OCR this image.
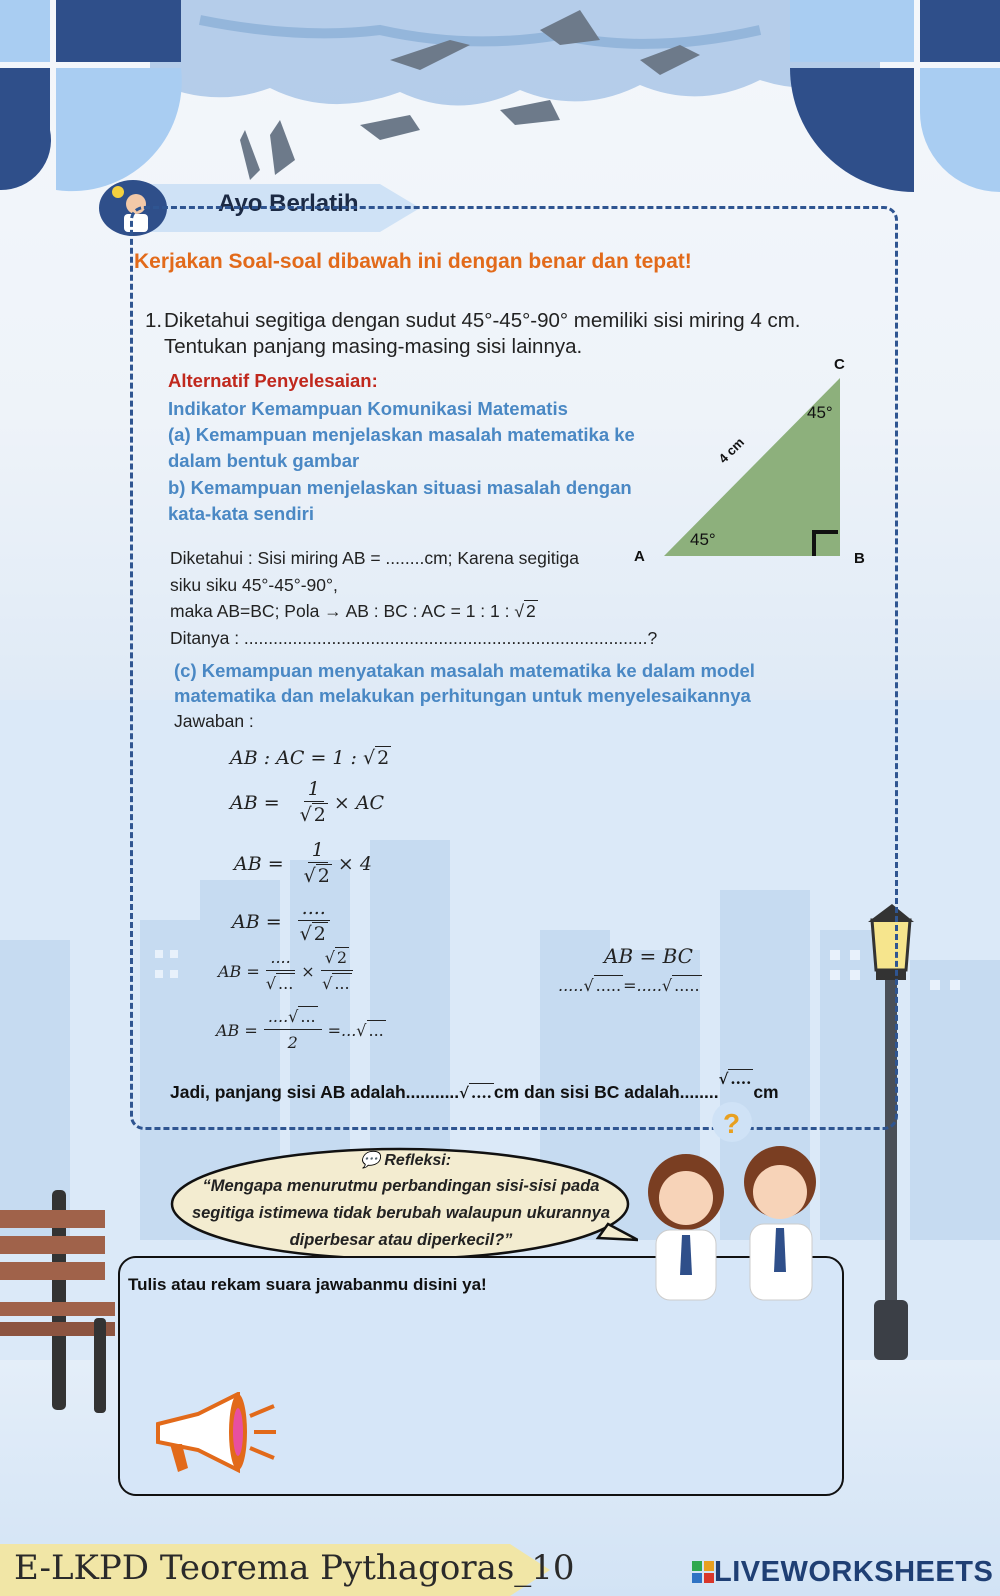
Ayo Berlatih
Kerjakan Soal-soal dibawah ini dengan benar dan tepat!
1. Diketahui segitiga dengan sudut 45°-45°-90° memiliki sisi miring 4 cm.
Tentukan panjang masing-masing sisi lainnya.
Alternatif Penyelesaian:
Indikator Kemampuan Komunikasi Matematis
(a) Kemampuan menjelaskan masalah matematika ke
dalam bentuk gambar
b) Kemampuan menjelaskan situasi masalah dengan
kata-kata sendiri
A	B
C
45°
45°
4 cm
Diketahui : Sisi miring AB = ........cm; Karena segitiga
siku siku 45°-45°-90°,
maka AB=BC; Pola → AB : BC : AC = 1 : 1 : √ 2
Ditanya : ...................................................................................?
(c) Kemampuan menyatakan masalah matematika ke dalam model
matematika dan melakukan perhitungan untuk menyelesaikannya
Jawaban :
AB : AC = 1 : √ 2
AB = $\frac{1}{√ 2}$ × AC
AB = $\frac{1}{√ 2} \times 4$
AB = $\frac{....}{√ 2}$
AB = $\frac{....}{√ ...} \times \frac{√ 2}{√ ...}$
AB = $\frac{....√ ...}{2}$ =... √ ...
AB = BC
.....√ ..... =.....√ .....
Jadi, panjang sisi AB adalah...........√ .... cm dan sisi BC adalah........√ ....cm
💬 Refleksi:
“Mengapa menurutmu perbandingan sisi-sisi pada
segitiga istimewa tidak berubah walaupun ukurannya
diperbesar atau diperkecil?”
Tulis atau rekam suara jawabanmu disini ya!
?
E-LKPD Teorema Pythagoras_10	LIVEWORKSHEETS
